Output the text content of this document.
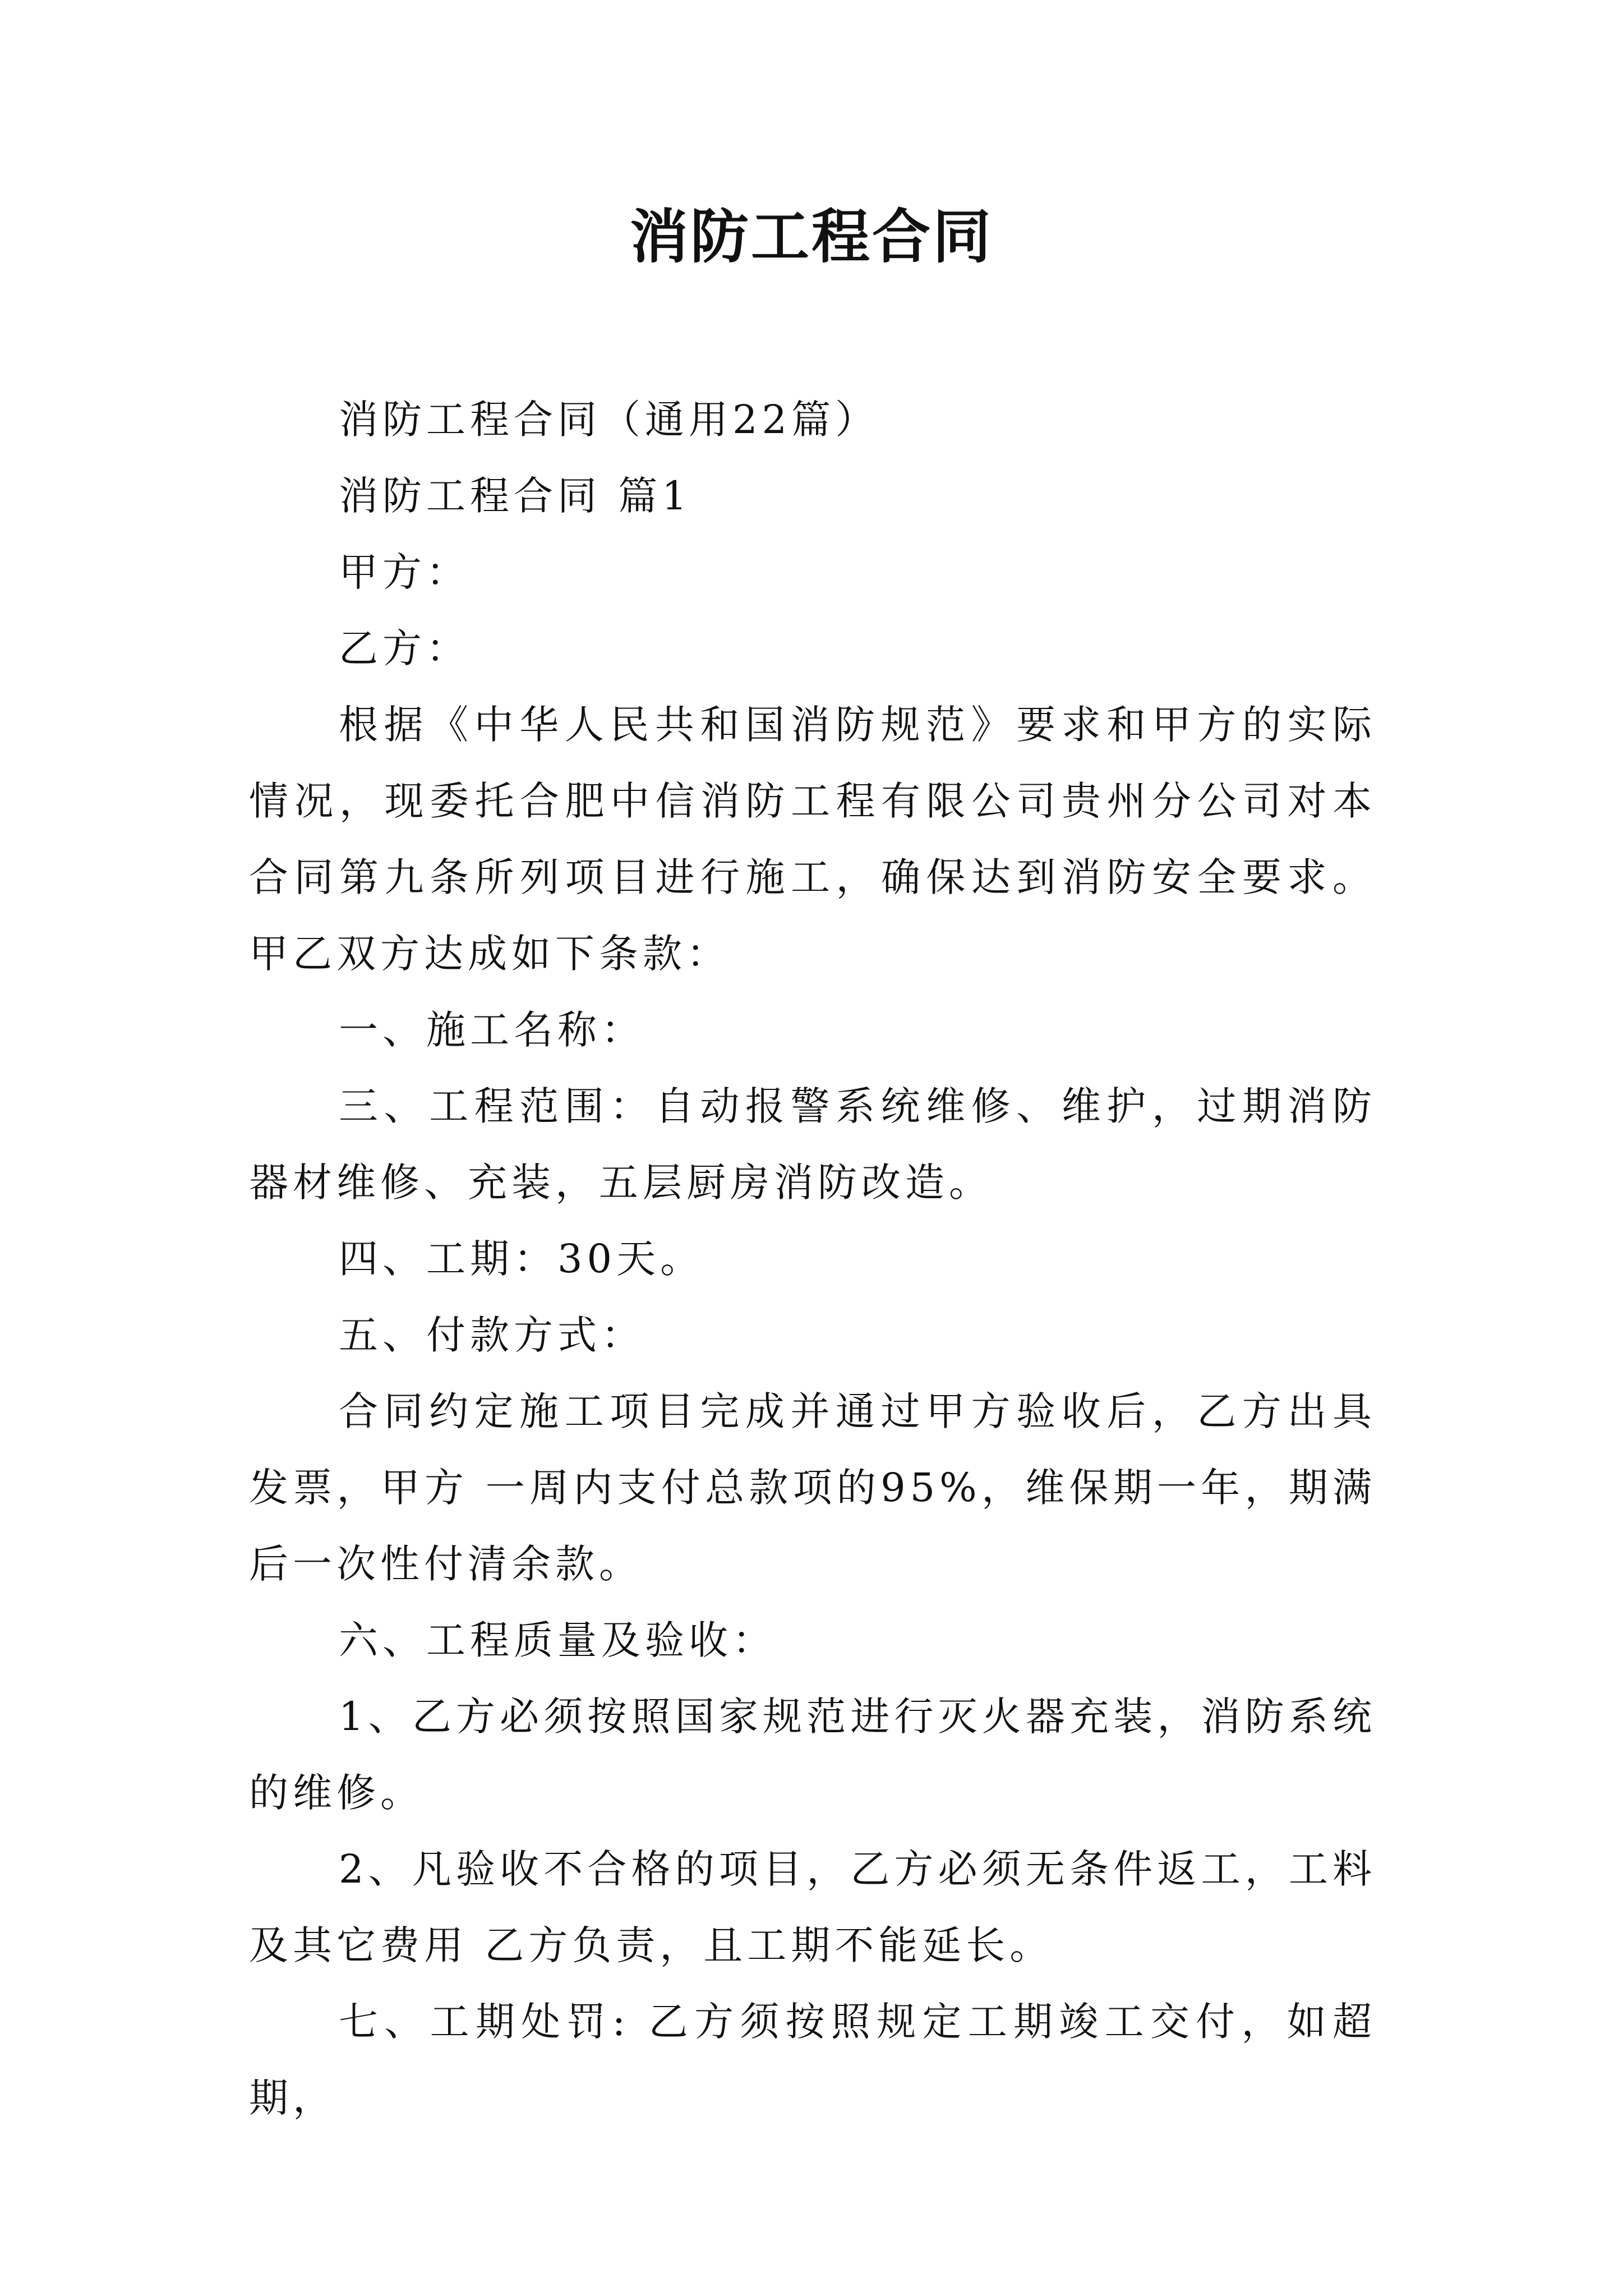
消防工程合同

消防工程合同（通用22篇）

消防工程合同 篇1

甲方：

乙方：

根据《中华人民共和国消防规范》要求和甲方的实际情况，现委托合肥中信消防工程有限公司贵州分公司对本合同第九条所列项目进行施工，确保达到消防安全要求。甲乙双方达成如下条款：

一、施工名称：

三、工程范围：自动报警系统维修、维护，过期消防器材维修、充装，五层厨房消防改造。

四、工期：30天。

五、付款方式：

合同约定施工项目完成并通过甲方验收后，乙方出具发票，甲方 一周内支付总款项的95%，维保期一年，期满后一次性付清余款。

六、工程质量及验收：

1、乙方必须按照国家规范进行灭火器充装，消防系统的维修。

2、凡验收不合格的项目，乙方必须无条件返工，工料及其它费用 乙方负责，且工期不能延长。

七、工期处罚: 乙方须按照规定工期竣工交付，如超期，
